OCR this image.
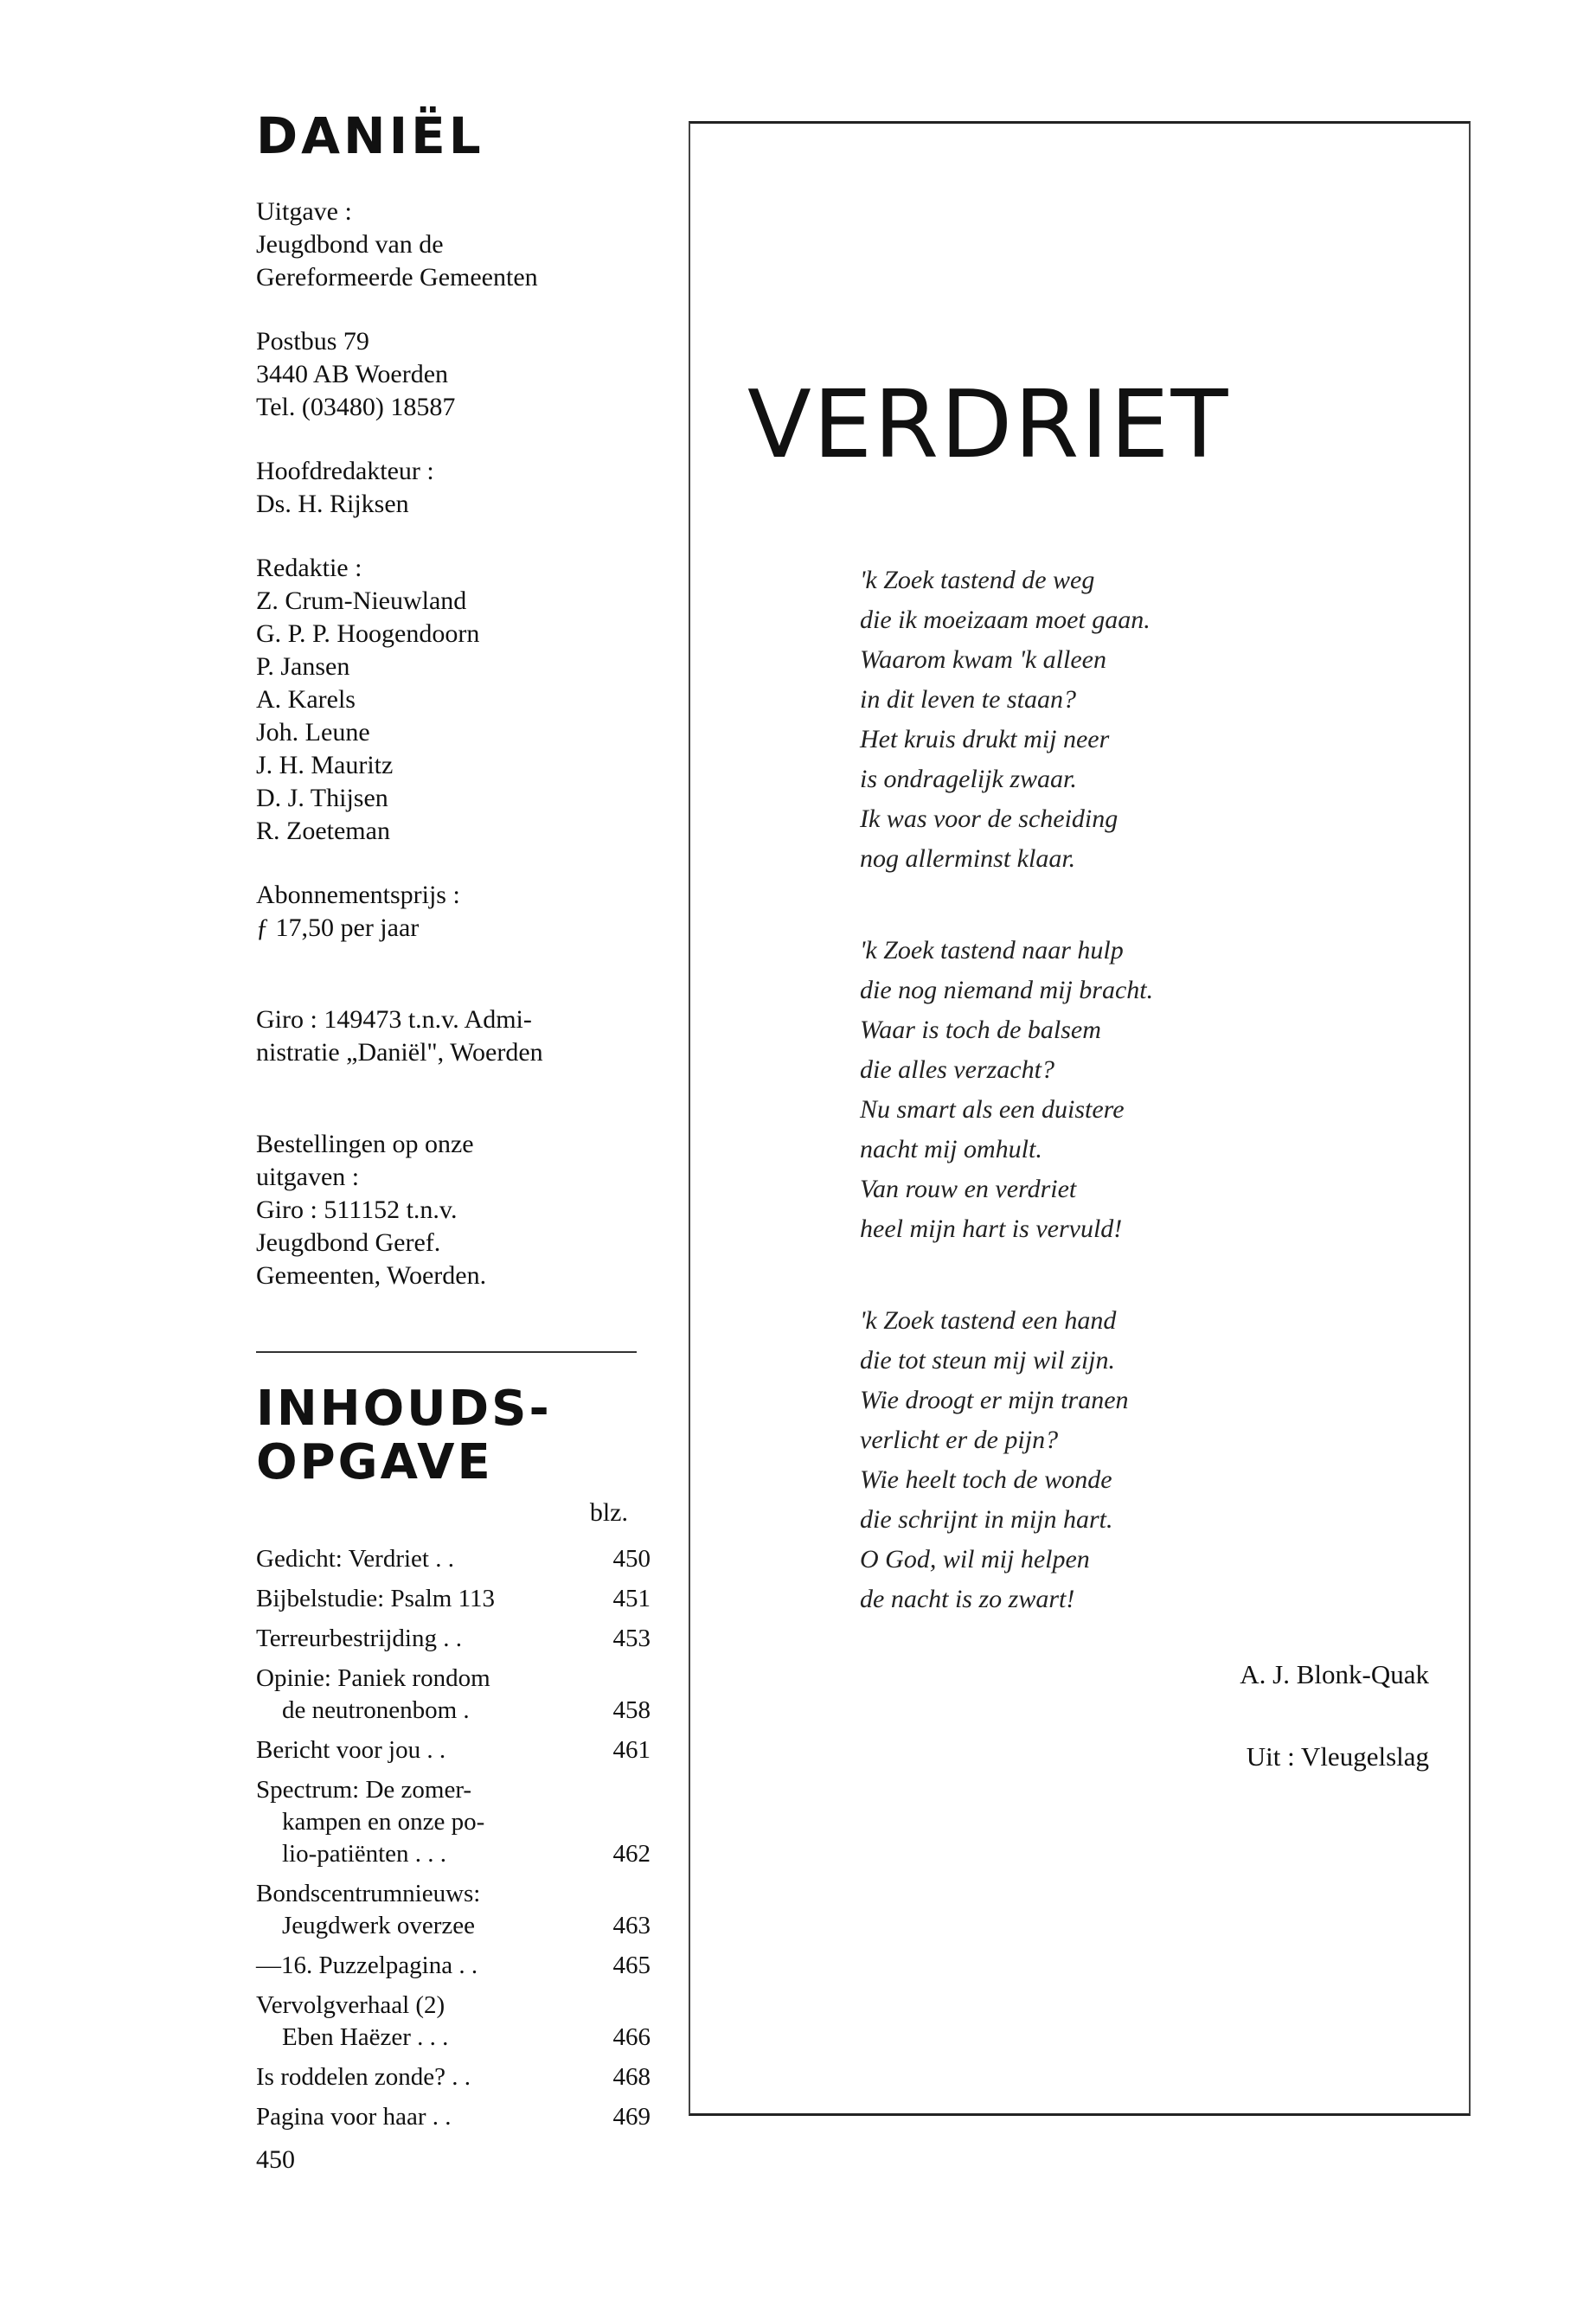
DANIËL
Uitgave :
Jeugdbond van de
Gereformeerde Gemeenten
Postbus 79
3440 AB Woerden
Tel. (03480) 18587
Hoofdredakteur :
Ds. H. Rijksen
Redaktie :
Z. Crum-Nieuwland
G. P. P. Hoogendoorn
P. Jansen
A. Karels
Joh. Leune
J. H. Mauritz
D. J. Thijsen
R. Zoeteman
Abonnementsprijs :
ƒ 17,50 per jaar
Giro : 149473 t.n.v. Admi-
nistratie „Daniël", Woerden
Bestellingen op onze
uitgaven :
Giro : 511152 t.n.v.
Jeugdbond Geref.
Gemeenten, Woerden.
INHOUDS-
OPGAVE
blz.
Gedicht: Verdriet . .	450
Bijbelstudie: Psalm 113	451
Terreurbestrijding . .	453
Opinie: Paniek rondom
de neutronenbom .	458
Bericht voor jou . .	461
Spectrum: De zomer-
kampen en onze po-
lio-patiënten . . .	462
Bondscentrumnieuws:
Jeugdwerk overzee	463
—16. Puzzelpagina . .	465
Vervolgverhaal (2)
Eben Haëzer . . .	466
Is roddelen zonde? . .	468
Pagina voor haar . .	469
450
VERDRIET
'k Zoek tastend de weg
die ik moeizaam moet gaan.
Waarom kwam 'k alleen
in dit leven te staan?
Het kruis drukt mij neer
is ondragelijk zwaar.
Ik was voor de scheiding
nog allerminst klaar.
'k Zoek tastend naar hulp
die nog niemand mij bracht.
Waar is toch de balsem
die alles verzacht?
Nu smart als een duistere
nacht mij omhult.
Van rouw en verdriet
heel mijn hart is vervuld!
'k Zoek tastend een hand
die tot steun mij wil zijn.
Wie droogt er mijn tranen
verlicht er de pijn?
Wie heelt toch de wonde
die schrijnt in mijn hart.
O God, wil mij helpen
de nacht is zo zwart!
A. J. Blonk-Quak
Uit : Vleugelslag
